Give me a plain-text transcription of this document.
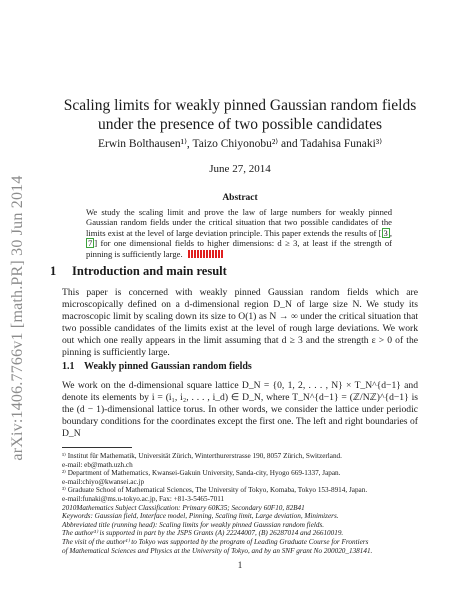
arXiv:1406.7766v1 [math.PR] 30 Jun 2014
Scaling limits for weakly pinned Gaussian random fields
under the presence of two possible candidates
Erwin Bolthausen¹⁾, Taizo Chiyonobu²⁾ and Tadahisa Funaki³⁾
June 27, 2014
Abstract
We study the scaling limit and prove the law of large numbers for weakly pinned Gaussian random fields under the critical situation that two possible candidates of the limits exist at the level of large deviation principle. This paper extends the results of [ 3 , 7 ] for one dimensional fields to higher dimensions: d ≥ 3, at least if the strength of pinning is sufficiently large.
1 Introduction and main result
This paper is concerned with weakly pinned Gaussian random fields which are microscopically defined on a d-dimensional region D_N of large size N. We study its macroscopic limit by scaling down its size to O(1) as N → ∞ under the critical situation that two possible candidates of the limits exist at the level of rough large deviations. We work out which one really appears in the limit assuming that d ≥ 3 and the strength ε > 0 of the pinning is sufficiently large.
1.1 Weakly pinned Gaussian random fields
We work on the d-dimensional square lattice D_N = {0, 1, 2, . . . , N} × T_N^{d−1} and denote its elements by i = (i₁, i₂, . . . , i_d) ∈ D_N, where T_N^{d−1} = (ℤ/Nℤ)^{d−1} is the (d − 1)-dimensional lattice torus. In other words, we consider the lattice under periodic boundary conditions for the coordinates except the first one. The left and right boundaries of D_N

¹⁾ Institut für Mathematik, Universität Zürich, Winterthurerstrasse 190, 8057 Zürich, Switzerland.

e-mail: eb@math.uzh.ch

²⁾ Department of Mathematics, Kwansei-Gakuin University, Sanda-city, Hyogo 669-1337, Japan.

e-mail:chiyo@kwansei.ac.jp

³⁾ Graduate School of Mathematical Sciences, The University of Tokyo, Komaba, Tokyo 153-8914, Japan.

e-mail:funaki@ms.u-tokyo.ac.jp, Fax: +81-3-5465-7011

2010Mathematics Subject Classification: Primary 60K35; Secondary 60F10, 82B41

Keywords: Gaussian field, Interface model, Pinning, Scaling limit, Large deviation, Minimizers.

Abbreviated title (running head): Scaling limits for weakly pinned Gaussian random fields.

The author³⁾ is supported in part by the JSPS Grants (A) 22244007, (B) 26287014 and 26610019.

The visit of the author¹⁾ to Tokyo was supported by the program of Leading Graduate Course for Frontiers

of Mathematical Sciences and Physics at the University of Tokyo, and by an SNF grant No 200020_138141.

1
